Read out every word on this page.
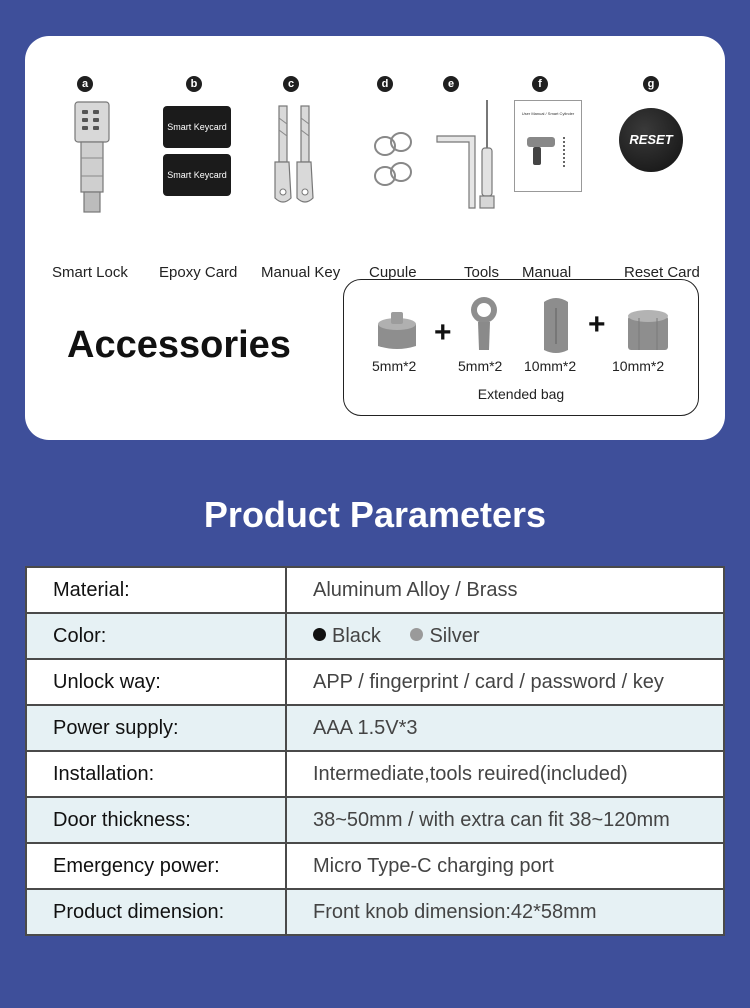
a
Smart Lock
b
Smart Keycard
Smart Keycard
Epoxy Card
c
Manual Key
d
Cupule
e
Tools
f
User Manual / Smart Cylinder
Manual
g
RESET
Reset Card
Accessories	+	+
5mm*2	5mm*2 10mm*2	10mm*2
Extended bag
Product Parameters
Material:	Aluminum Alloy / Brass
Color:	Black Silver
Unlock way:	APP / fingerprint / card / password / key
Power supply:	AAA 1.5V*3
Installation:	Intermediate,tools reuired(included)
Door thickness:	38~50mm / with extra can fit 38~120mm
Emergency power:	Micro Type-C charging port
Product dimension:	Front knob dimension:42*58mm
